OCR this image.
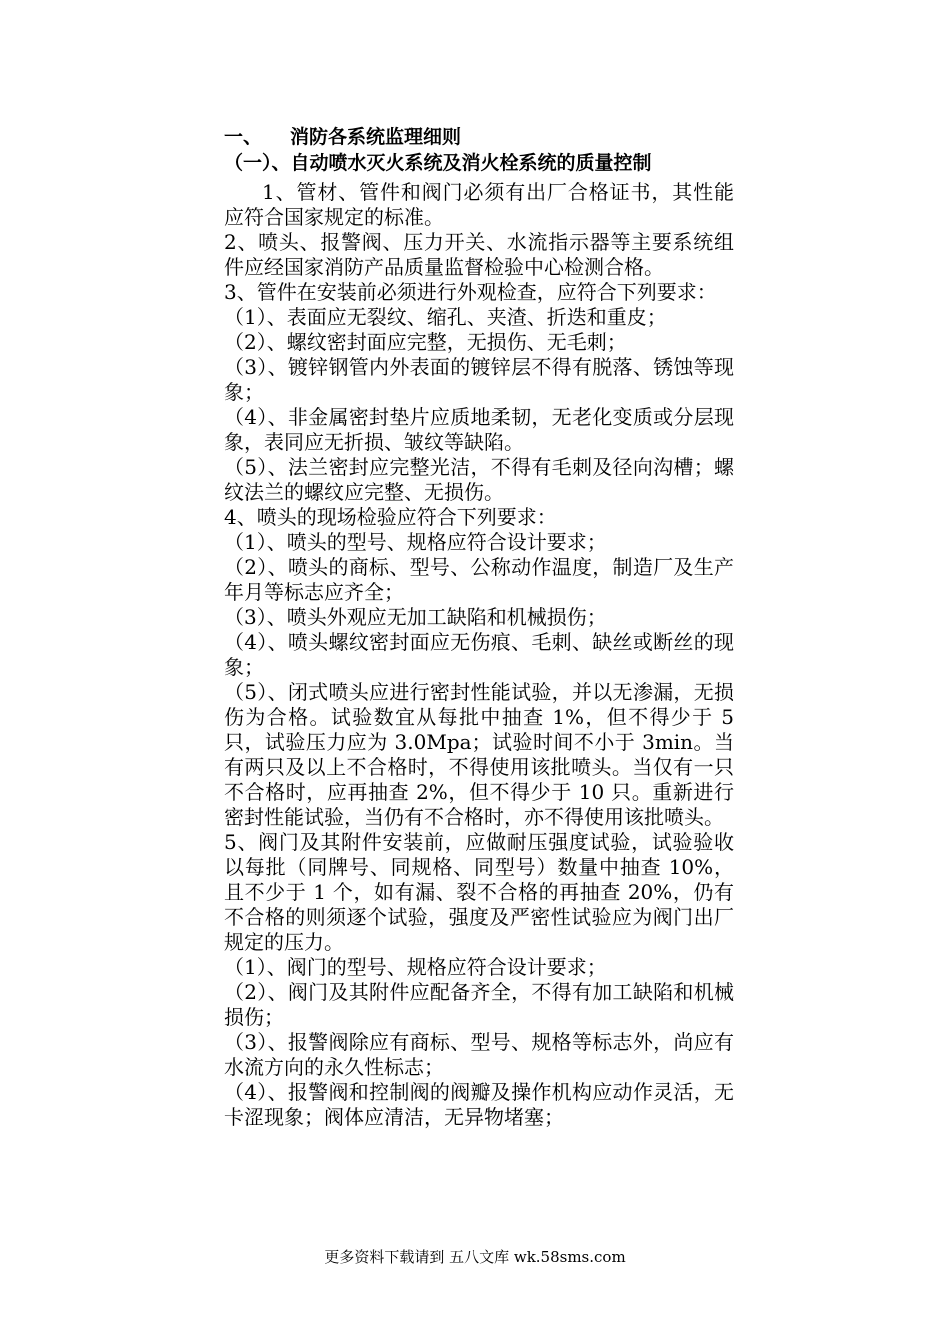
一、 消防各系统监理细则

（一）、自动喷水灭火系统及消火栓系统的质量控制

1、管材、管件和阀门必须有出厂合格证书，其性能应符合国家规定的标准。

2、喷头、报警阀、压力开关、水流指示器等主要系统组件应经国家消防产品质量监督检验中心检测合格。

3、管件在安装前必须进行外观检查，应符合下列要求：

（1）、表面应无裂纹、缩孔、夹渣、折迭和重皮；

（2）、螺纹密封面应完整，无损伤、无毛刺；

（3）、镀锌钢管内外表面的镀锌层不得有脱落、锈蚀等现象；

（4）、非金属密封垫片应质地柔韧，无老化变质或分层现象，表同应无折损、皱纹等缺陷。

（5）、法兰密封应完整光洁，不得有毛刺及径向沟槽；螺纹法兰的螺纹应完整、无损伤。

4、喷头的现场检验应符合下列要求：

（1）、喷头的型号、规格应符合设计要求；

（2）、喷头的商标、型号、公称动作温度，制造厂及生产年月等标志应齐全；

（3）、喷头外观应无加工缺陷和机械损伤；

（4）、喷头螺纹密封面应无伤痕、毛刺、缺丝或断丝的现象；

（5）、闭式喷头应进行密封性能试验，并以无渗漏，无损伤为合格。试验数宜从每批中抽查 1%，但不得少于 5 只，试验压力应为 3.0Mpa；试验时间不小于 3min。当有两只及以上不合格时，不得使用该批喷头。当仅有一只不合格时，应再抽查 2%，但不得少于 10 只。重新进行密封性能试验，当仍有不合格时，亦不得使用该批喷头。

5、阀门及其附件安装前，应做耐压强度试验，试验验收以每批（同牌号、同规格、同型号）数量中抽查 10%，且不少于 1 个，如有漏、裂不合格的再抽查 20%，仍有不合格的则须逐个试验，强度及严密性试验应为阀门出厂规定的压力。

（1）、阀门的型号、规格应符合设计要求；

（2）、阀门及其附件应配备齐全，不得有加工缺陷和机械损伤；

（3）、报警阀除应有商标、型号、规格等标志外，尚应有水流方向的永久性标志；

（4）、报警阀和控制阀的阀瓣及操作机构应动作灵活，无卡涩现象；阀体应清洁，无异物堵塞；

更多资料下载请到 五八文库 wk.58sms.com
